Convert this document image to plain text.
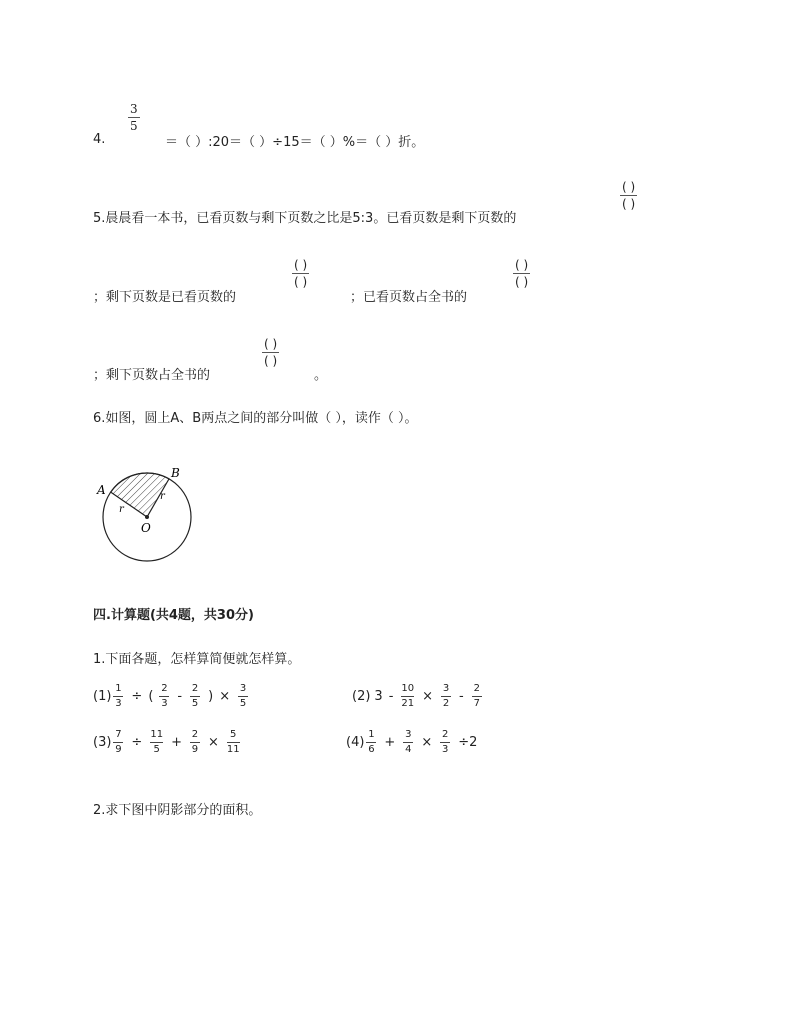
4.
3
5
＝（ ）:20＝（ ）÷15＝（ ）%＝（ ）折。
5.晨晨看一本书，已看页数与剩下页数之比是5:3。已看页数是剩下页数的
( )
( )
；剩下页数是已看页数的
( )
( )
；已看页数占全书的
( )
( )
；剩下页数占全书的
( )
( )
。
6.如图，圆上A、B两点之间的部分叫做（ ），读作（ ）。
A
B
O
r
r
四.计算题(共4题，共30分)
1.下面各题，怎样算简便就怎样算。
(1)
1
3 ÷ (
2
3 -
2
5 ) ×
3
5	(2) 3 -
10
21 ×
3
2 -
2
7
(3)
7
9 ÷
11
5 +
2
9 ×
5
11	(4)
1
6 +
3
4 ×
2
3 ÷2
2.求下图中阴影部分的面积。
